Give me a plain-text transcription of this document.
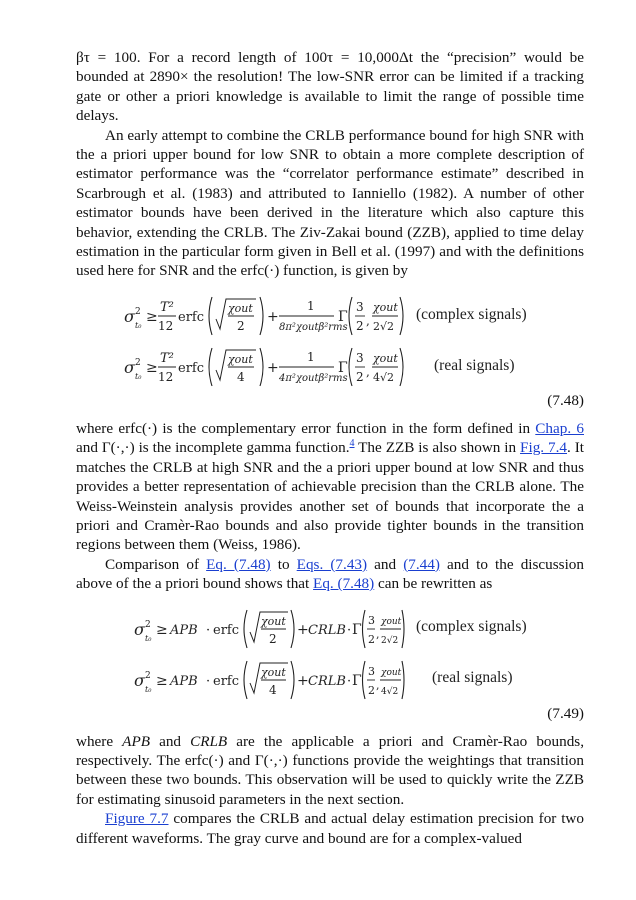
βτ = 100. For a record length of 100τ = 10,000Δt the “precision” would be bounded at 2890× the resolution! The low-SNR error can be limited if a tracking gate or other a priori knowledge is available to limit the range of possible time delays.

An early attempt to combine the CRLB performance bound for high SNR with the a priori upper bound for low SNR to obtain a more complete description of estimator performance was the “correlator performance estimate” described in Scarbrough et al. (1983) and attributed to Ianniello (1982). A number of other estimator bounds have been derived in the literature which also capture this behavior, extending the CRLB. The Ziv-Zakai bound (ZZB), applied to time delay estimation in the particular form given in Bell et al. (1997) and with the definitions used here for SNR and the erfc(·) function, is given by

σ 2
t₀
≥
T²
12
erfc
χout
2
+
1
8π²χoutβ²rms
Γ
3
2 ,
χout
2√2
(complex signals)
σ 2
t₀
≥
T²
12
erfc
χout
4
+
1
4π²χoutβ²rms
Γ
3
2 ,
χout
4√2
(real signals)
(7.48)

where erfc(·) is the complementary error function in the form defined in Chap. 6 and Γ(·,·) is the incomplete gamma function.$^4$ The ZZB is also shown in Fig. 7.4. It matches the CRLB at high SNR and the a priori upper bound at low SNR and thus provides a better representation of achievable precision than the CRLB alone. The Weiss-Weinstein analysis provides another set of bounds that incorporate the a priori and Cramèr-Rao bounds and also provide tighter bounds in the transition regions between them (Weiss, 1986).

Comparison of Eq. (7.48) to Eqs. (7.43) and (7.44) and to the discussion above of the a priori bound shows that Eq. (7.48) can be rewritten as

σ 2
t₀
≥ APB · erfc
χout
2
+ CRLB · Γ
3
2 ,
χout
2√2
(complex signals)
σ 2
t₀
≥ APB · erfc
χout
4
+ CRLB · Γ
3
2 ,
χout
4√2
(real signals)
(7.49)

where APB and CRLB are the applicable a priori and Cramèr-Rao bounds, respectively. The erfc(·) and Γ(·,·) functions provide the weightings that transition between these two bounds. This observation will be used to quickly write the ZZB for estimating sinusoid parameters in the next section.

Figure 7.7 compares the CRLB and actual delay estimation precision for two different waveforms. The gray curve and bound are for a complex-valued
